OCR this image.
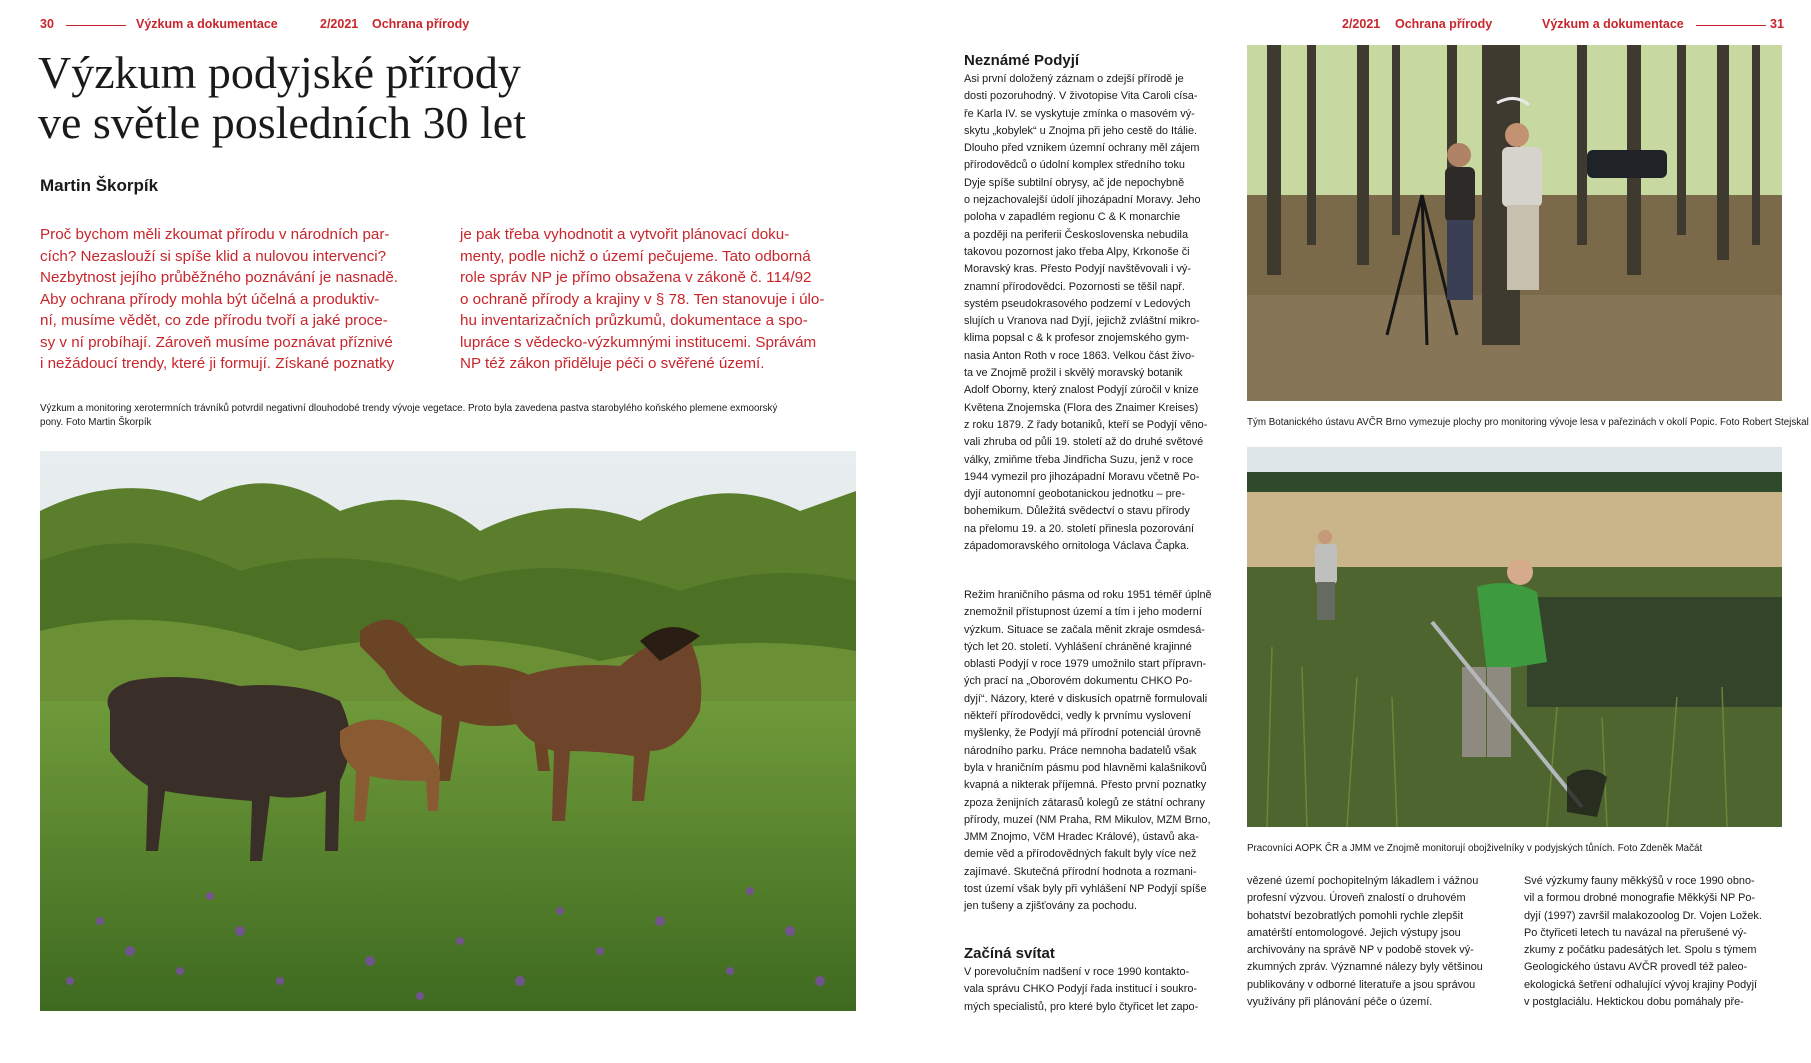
30	Výzkum a dokumentace	2/2021 Ochrana přírody	2/2021 Ochrana přírody	Výzkum a dokumentace	31
Výzkum podyjské přírody
ve světle posledních 30 let
Martin Škorpík
Proč bychom měli zkoumat přírodu v národních par-
cích? Nezaslouží si spíše klid a nulovou intervenci?
Nezbytnost jejího průběžného poznávání je nasnadě.
Aby ochrana přírody mohla být účelná a produktiv-
ní, musíme vědět, co zde přírodu tvoří a jaké proce-
sy v ní probíhají. Zároveň musíme poznávat příznivé
i nežádoucí trendy, které ji formují. Získané poznatky
je pak třeba vyhodnotit a vytvořit plánovací doku-
menty, podle nichž o území pečujeme. Tato odborná
role správ NP je přímo obsažena v zákoně č. 114/92
o ochraně přírody a krajiny v § 78. Ten stanovuje i úlo-
hu inventarizačních průzkumů, dokumentace a spo-
lupráce s vědecko-výzkumnými institucemi. Správám
NP též zákon přiděluje péči o svěřené území.
Výzkum a monitoring xerotermních trávníků potvrdil negativní dlouhodobé trendy vývoje vegetace. Proto byla zavedena pastva starobylého koňského plemene exmoorský
pony. Foto Martin Škorpík
Neznámé Podyjí
Asi první doložený záznam o zdejší přírodě je
dosti pozoruhodný. V životopise Vita Caroli císa-
ře Karla IV. se vyskytuje zmínka o masovém vý-
skytu „kobylek“ u Znojma při jeho cestě do Itálie.
Dlouho před vznikem územní ochrany měl zájem
přírodovědců o údolní komplex středního toku
Dyje spíše subtilní obrysy, ač jde nepochybně
o nejzachovalejší údolí jihozápadní Moravy. Jeho
poloha v zapadlém regionu C & K monarchie
a později na periferii Československa nebudila
takovou pozornost jako třeba Alpy, Krkonoše či
Moravský kras. Přesto Podyjí navštěvovali i vý-
znamní přírodovědci. Pozornosti se těšil např.
systém pseudokrasového podzemí v Ledových
slujích u Vranova nad Dyjí, jejichž zvláštní mikro-
klima popsal c & k profesor znojemského gym-
nasia Anton Roth v roce 1863. Velkou část živo-
ta ve Znojmě prožil i skvělý moravský botanik
Adolf Oborny, který znalost Podyjí zúročil v knize
Květena Znojemska (Flora des Znaimer Kreises)
z roku 1879. Z řady botaniků, kteří se Podyjí věno-
vali zhruba od půli 19. století až do druhé světové
války, zmiňme třeba Jindřicha Suzu, jenž v roce
1944 vymezil pro jihozápadní Moravu včetně Po-
dyjí autonomní geobotanickou jednotku – pre-
bohemikum. Důležitá svědectví o stavu přírody
na přelomu 19. a 20. století přinesla pozorování
západomoravského ornitologa Václava Čapka.
Režim hraničního pásma od roku 1951 téměř úplně
znemožnil přístupnost území a tím i jeho moderní
výzkum. Situace se začala měnit zkraje osmdesá-
tých let 20. století. Vyhlášení chráněné krajinné
oblasti Podyjí v roce 1979 umožnilo start přípravn-
ých prací na „Oborovém dokumentu CHKO Po-
dyjí“. Názory, které v diskusích opatrně formulovali
někteří přírodovědci, vedly k prvnímu vyslovení
myšlenky, že Podyjí má přírodní potenciál úrovně
národního parku. Práce nemnoha badatelů však
byla v hraničním pásmu pod hlavněmi kalašnikovů
kvapná a nikterak příjemná. Přesto první poznatky
zpoza ženijních zátarasů kolegů ze státní ochrany
přírody, muzeí (NM Praha, RM Mikulov, MZM Brno,
JMM Znojmo, VčM Hradec Králové), ústavů aka-
demie věd a přírodovědných fakult byly více než
zajímavé. Skutečná přírodní hodnota a rozmani-
tost území však byly při vyhlášení NP Podyjí spíše
jen tušeny a zjišťovány za pochodu.
Začíná svítat
V porevolučním nadšení v roce 1990 kontakto-
vala správu CHKO Podyjí řada institucí i soukro-
mých specialistů, pro které bylo čtyřicet let zapo-
Tým Botanického ústavu AVČR Brno vymezuje plochy pro monitoring vývoje lesa v pařezinách v okolí Popic. Foto Robert Stejskal
Pracovníci AOPK ČR a JMM ve Znojmě monitorují obojživelníky v podyjských tůních. Foto Zdeněk Mačát
vězené území pochopitelným lákadlem i vážnou
profesní výzvou. Úroveň znalostí o druhovém
bohatství bezobratlých pomohli rychle zlepšit
amatérští entomologové. Jejich výstupy jsou
archivovány na správě NP v podobě stovek vý-
zkumných zpráv. Významné nálezy byly většinou
publikovány v odborné literatuře a jsou správou
využívány při plánování péče o území.
Své výzkumy fauny měkkýšů v roce 1990 obno-
vil a formou drobné monografie Měkkýši NP Po-
dyjí (1997) završil malakozoolog Dr. Vojen Ložek.
Po čtyřiceti letech tu navázal na přerušené vý-
zkumy z počátku padesátých let. Spolu s týmem
Geologického ústavu AVČR provedl též paleo-
ekologická šetření odhalující vývoj krajiny Podyjí
v postglaciálu. Hektickou dobu pomáhaly pře-
